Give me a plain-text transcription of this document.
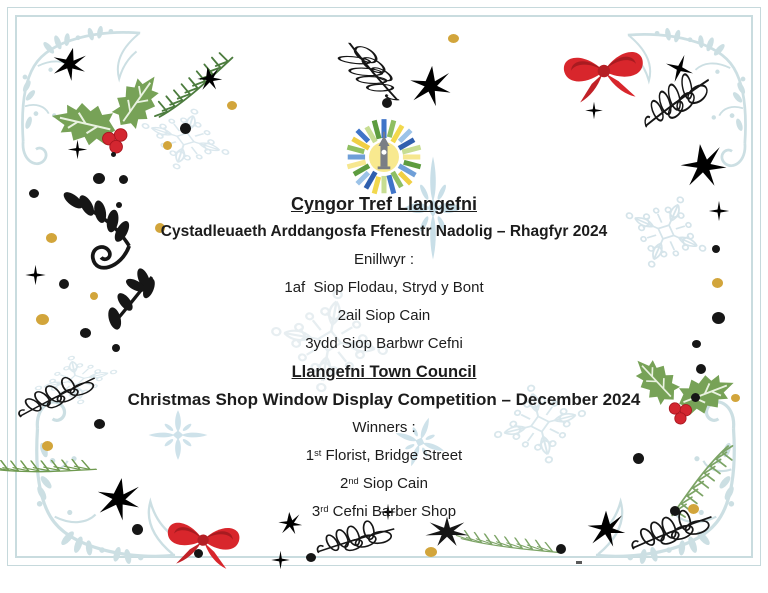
Cyngor Tref Llangefni
Cystadleuaeth Arddangosfa Ffenestr Nadolig – Rhagfyr 2024
Enillwyr :
1af  Siop Flodau, Stryd y Bont
2ail Siop Cain
3ydd Siop Barbwr Cefni
Llangefni Town Council
Christmas Shop Window Display Competition – December 2024
Winners :
1st Florist, Bridge Street
2nd Siop Cain
3rd Cefni Barber Shop
